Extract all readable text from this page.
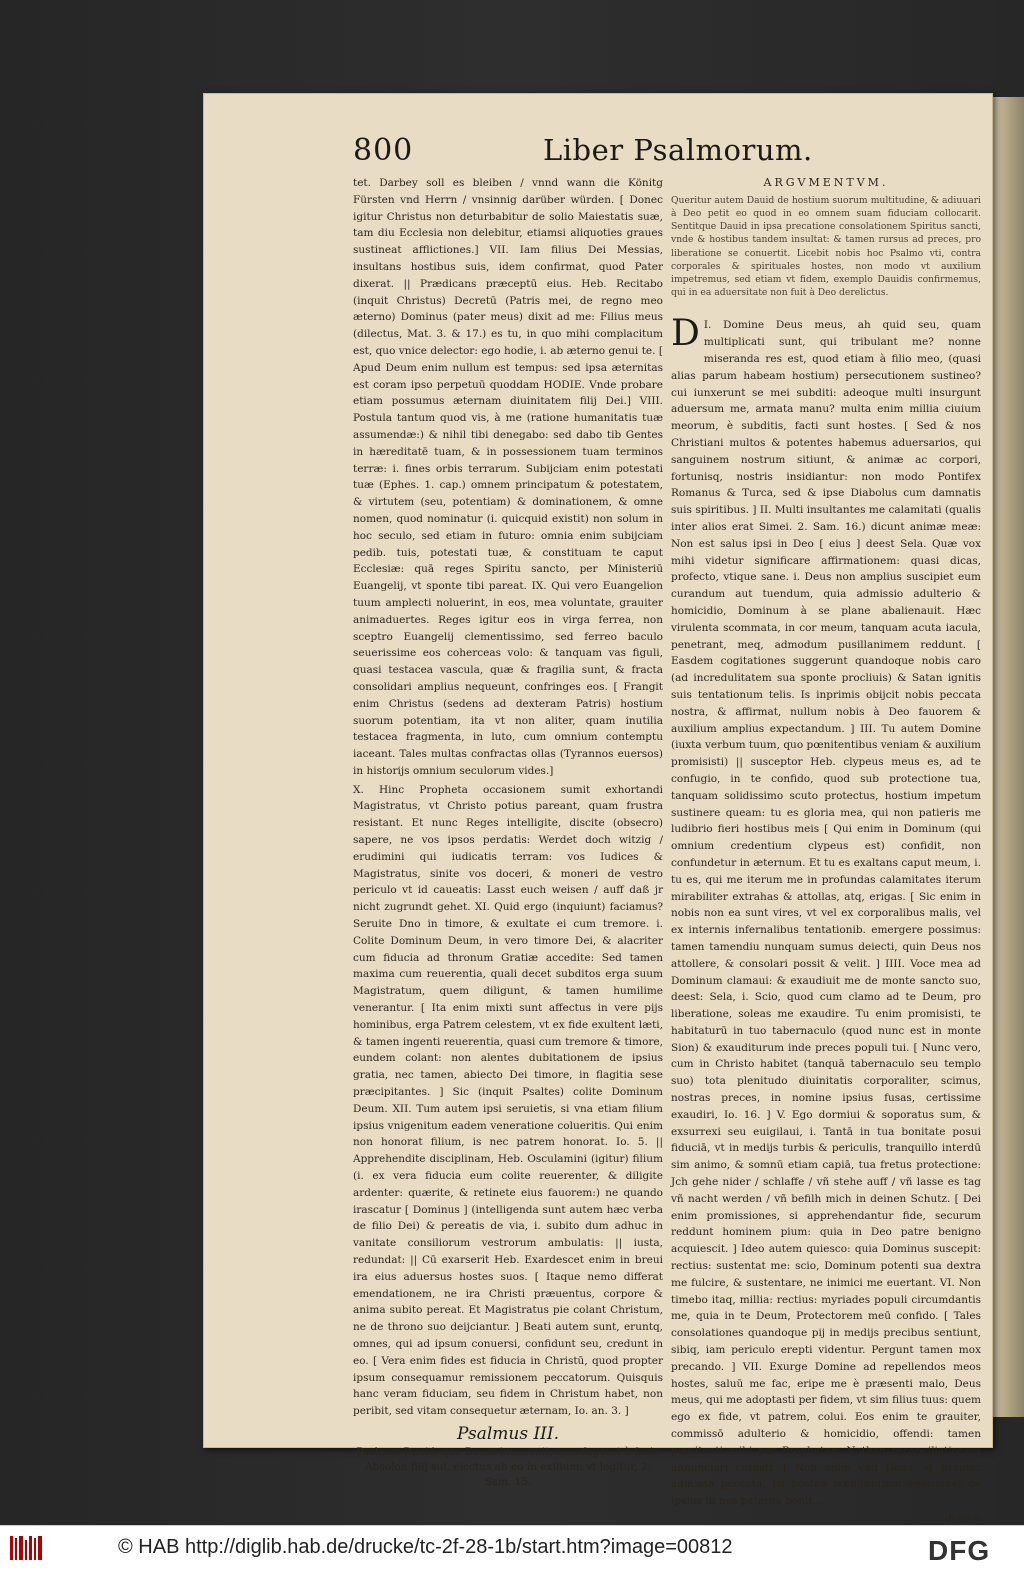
800	Liber Psalmorum.

tet. Darbey soll es bleiben / vnnd wann die Könitg Fürsten vnd Herrn / vnsinnig darüber würden. [ Donec igitur Christus non deturbabitur de solio Maiestatis suæ, tam diu Ecclesia non delebitur, etiamsi aliquoties graues sustineat afflictiones.] VII. Iam filius Dei Messias, insultans hostibus suis, idem confirmat, quod Pater dixerat. || Prædicans præceptū eius. Heb. Recitabo (inquit Christus) Decretū (Patris mei, de regno meo æterno) Dominus (pater meus) dixit ad me: Filius meus (dilectus, Mat. 3. & 17.) es tu, in quo mihi complacitum est, quo vnice delector: ego hodie, i. ab æterno genui te. [ Apud Deum enim nullum est tempus: sed ipsa æternitas est coram ipso perpetuū quoddam HODIE. Vnde probare etiam possumus æternam diuinitatem filij Dei.] VIII. Postula tantum quod vis, à me (ratione humanitatis tuæ assumendæ:) & nihil tibi denegabo: sed dabo tib Gentes in hæreditatē tuam, & in possessionem tuam terminos terræ: i. fines orbis terrarum. Subijciam enim potestati tuæ (Ephes. 1. cap.) omnem principatum & potestatem, & virtutem (seu, potentiam) & dominationem, & omne nomen, quod nominatur (i. quicquid existit) non solum in hoc seculo, sed etiam in futuro: omnia enim subijciam pedib. tuis, potestati tuæ, & constituam te caput Ecclesiæ: quā reges Spiritu sancto, per Ministeriū Euangelij, vt sponte tibi pareat. IX. Qui vero Euangelion tuum amplecti noluerint, in eos, mea voluntate, grauiter animaduertes. Reges igitur eos in virga ferrea, non sceptro Euangelij clementissimo, sed ferreo baculo seuerissime eos coherceas volo: & tanquam vas figuli, quasi testacea vascula, quæ & fragilia sunt, & fracta consolidari amplius nequeunt, confringes eos. [ Frangit enim Christus (sedens ad dexteram Patris) hostium suorum potentiam, ita vt non aliter, quam inutilia testacea fragmenta, in luto, cum omnium contemptu iaceant. Tales multas confractas ollas (Tyrannos euersos) in historijs omnium seculorum vides.]

X. Hinc Propheta occasionem sumit exhortandi Magistratus, vt Christo potius pareant, quam frustra resistant. Et nunc Reges intelligite, discite (obsecro) sapere, ne vos ipsos perdatis: Werdet doch witzig / erudimini qui iudicatis terram: vos Iudices & Magistratus, sinite vos doceri, & moneri de vestro periculo vt id caueatis: Lasst euch weisen / auff daß jr nicht zugrundt gehet. XI. Quid ergo (inquiunt) faciamus? Seruite Dno in timore, & exultate ei cum tremore. i. Colite Dominum Deum, in vero timore Dei, & alacriter cum fiducia ad thronum Gratiæ accedite: Sed tamen maxima cum reuerentia, quali decet subditos erga suum Magistratum, quem diligunt, & tamen humilime venerantur. [ Ita enim mixti sunt affectus in vere pijs hominibus, erga Patrem celestem, vt ex fide exultent læti, & tamen ingenti reuerentia, quasi cum tremore & timore, eundem colant: non alentes dubitationem de ipsius gratia, nec tamen, abiecto Dei timore, in flagitia sese præcipitantes. ] Sic (inquit Psaltes) colite Dominum Deum. XII. Tum autem ipsi seruietis, si vna etiam filium ipsius vnigenitum eadem veneratione colueritis. Qui enim non honorat filium, is nec patrem honorat. Io. 5. || Apprehendite disciplinam, Heb. Osculamini (igitur) filium (i. ex vera fiducia eum colite reuerenter, & diligite ardenter: quærite, & retinete eius fauorem:) ne quando irascatur [ Dominus ] (intelligenda sunt autem hæc verba de filio Dei) & pereatis de via, i. subito dum adhuc in vanitate consiliorum vestrorum ambulatis: || iusta, redundat: || Cū exarserit Heb. Exardescet enim in breui ira eius aduersus hostes suos. [ Itaque nemo differat emendationem, ne ira Christi præuentus, corpore & anima subito pereat. Et Magistratus pie colant Christum, ne de throno suo deijciantur. ] Beati autem sunt, eruntq, omnes, qui ad ipsum conuersi, confidunt seu, credunt in eo. [ Vera enim fides est fiducia in Christū, quod propter ipsum consequamur remissionem peccatorum. Quisquis hanc veram fiduciam, seu fidem in Christum habet, non peribit, sed vitam consequetur æternam, Io. an. 3. ]

Psalmus III.
Psalmus Dauid, quo Deum inuocauit, cum fugeret à facie Absolon filij sui, eiectus ab eo in exilium: vt legitur, 2. Sam. 15.
ARGVMENTVM.
Queritur autem Dauid de hostium suorum multitudine, & adiuuari à Deo petit eo quod in eo omnem suam fiduciam collocarit. Sentitque Dauid in ipsa precatione consolationem Spiritus sancti, vnde & hostibus tandem insultat: & tamen rursus ad preces, pro liberatione se conuertit. Licebit nobis hoc Psalmo vti, contra corporales & spirituales hostes, non modo vt auxilium impetremus, sed etiam vt fidem, exemplo Dauidis confirmemus, qui in ea aduersitate non fuit à Deo derelictus.
D I. Domine Deus meus, ah quid seu, quam multiplicati sunt, qui tribulant me? nonne miseranda res est, quod etiam à filio meo, (quasi alias parum habeam hostium) persecutionem sustineo? cui iunxerunt se mei subditi: adeoque multi insurgunt aduersum me, armata manu? multa enim millia ciuium meorum, è subditis, facti sunt hostes. [ Sed & nos Christiani multos & potentes habemus aduersarios, qui sanguinem nostrum sitiunt, & animæ ac corpori, fortunisq, nostris insidiantur: non modo Pontifex Romanus & Turca, sed & ipse Diabolus cum damnatis suis spiritibus. ] II. Multi insultantes me calamitati (qualis inter alios erat Simei. 2. Sam. 16.) dicunt animæ meæ: Non est salus ipsi in Deo [ eius ] deest Sela. Quæ vox mihi videtur significare affirmationem: quasi dicas, profecto, vtique sane. i. Deus non amplius suscipiet eum curandum aut tuendum, quia admissio adulterio & homicidio, Dominum à se plane abalienauit. Hæc virulenta scommata, in cor meum, tanquam acuta iacula, penetrant, meq, admodum pusillanimem reddunt. [ Easdem cogitationes suggerunt quandoque nobis caro (ad incredulitatem sua sponte procliuis) & Satan ignitis suis tentationum telis. Is inprimis obijcit nobis peccata nostra, & affirmat, nullum nobis à Deo fauorem & auxilium amplius expectandum. ] III. Tu autem Domine (iuxta verbum tuum, quo pœnitentibus veniam & auxilium promisisti) || susceptor Heb. clypeus meus es, ad te confugio, in te confido, quod sub protectione tua, tanquam solidissimo scuto protectus, hostium impetum sustinere queam: tu es gloria mea, qui non patieris me ludibrio fieri hostibus meis [ Qui enim in Dominum (qui omnium credentium clypeus est) confidit, non confundetur in æternum. Et tu es exaltans caput meum, i. tu es, qui me iterum me in profundas calamitates iterum mirabiliter extrahas & attollas, atq, erigas. [ Sic enim in nobis non ea sunt vires, vt vel ex corporalibus malis, vel ex internis infernalibus tentationib. emergere possimus: tamen tamendiu nunquam sumus deiecti, quin Deus nos attollere, & consolari possit & velit. ] IIII. Voce mea ad Dominum clamaui: & exaudiuit me de monte sancto suo, deest: Sela, i. Scio, quod cum clamo ad te Deum, pro liberatione, soleas me exaudire. Tu enim promisisti, te habitaturū in tuo tabernaculo (quod nunc est in monte Sion) & exauditurum inde preces populi tui. [ Nunc vero, cum in Christo habitet (tanquā tabernaculo seu templo suo) tota plenitudo diuinitatis corporaliter, scimus, nostras preces, in nomine ipsius fusas, certissime exaudiri, Io. 16. ] V. Ego dormiui & soporatus sum, & exsurrexi seu euigilaui, i. Tantā in tua bonitate posui fiduciā, vt in medijs turbis & periculis, tranquillo interdū sim animo, & somnū etiam capiā, tua fretus protectione: Jch gehe nider / schlaffe / vñ stehe auff / vñ lasse es tag vñ nacht werden / vñ befilh mich in deinen Schutz. [ Dei enim promissiones, si apprehendantur fide, securum reddunt hominem pium: quia in Deo patre benigno acquiescit. ] Ideo autem quiesco: quia Dominus suscepit: rectius: sustentat me: scio, Dominum potenti sua dextra me fulcire, & sustentare, ne inimici me euertant. VI. Non timebo itaq, millia: rectius: myriades populi circumdantis me, quia in te Deum, Protectorem meū confido. [ Tales consolationes quandoque pij in medijs precibus sentiunt, sibiq, iam periculo erepti videntur. Pergunt tamen mox precando. ] VII. Exurge Domine ad repellendos meos hostes, saluū me fac, eripe me è præsenti malo, Deus meus, qui me adoptasti per fidem, vt sim filius tuus: quem ego ex fide, vt patrem, colui. Eos enim te grauiter, commissō adulterio & homicidio, offendi: tamen pœnitenti mihi per Prophetam Nathan reconciliationem annunciari curasti. [ Non enim vult Deus, vt propter admissa peccata, (si postea pœnitentiam egerimus) de ipsius in nos paterna bonit...

dubita-
© HAB http://diglib.hab.de/drucke/tc-2f-28-1b/start.htm?image=00812	DFG
